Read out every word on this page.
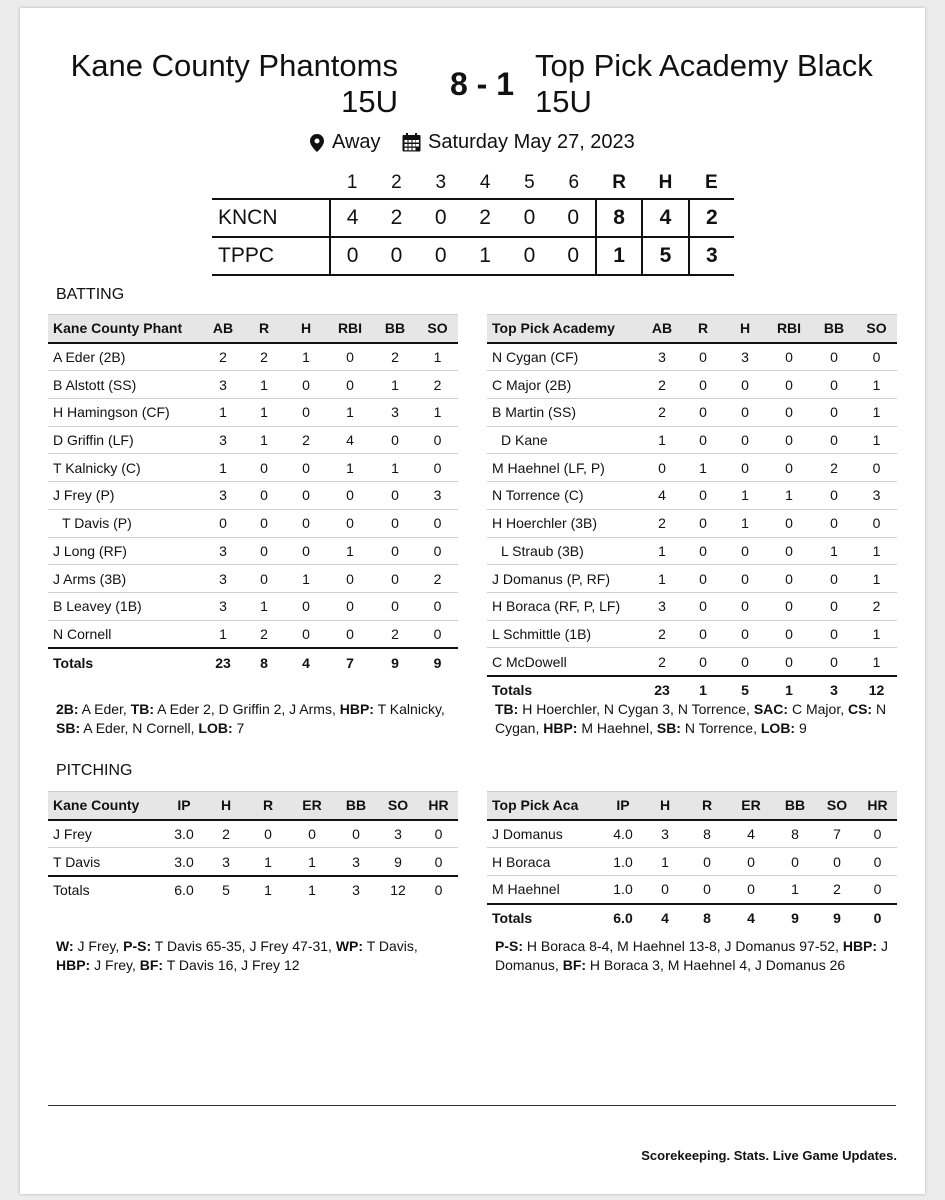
Kane County Phantoms 15U	8 - 1
Top Pick Academy Black 15U
Away Saturday May 27, 2023
	1	2	3	4	5	6	R	H	E
KNCN	4	2	0	2	0	0	8	4	2
TPPC	0	0	0	1	0	0	1	5	3
BATTING
Kane County Phant	AB	R	H	RBI	BB	SO
A Eder (2B)	2	2	1	0	2	1
B Alstott (SS)	3	1	0	0	1	2
H Hamingson (CF)	1	1	0	1	3	1
D Griffin (LF)	3	1	2	4	0	0
T Kalnicky (C)	1	0	0	1	1	0
J Frey (P)	3	0	0	0	0	3
T Davis (P)	0	0	0	0	0	0
J Long (RF)	3	0	0	1	0	0
J Arms (3B)	3	0	1	0	0	2
B Leavey (1B)	3	1	0	0	0	0
N Cornell	1	2	0	0	2	0
Totals	23	8	4	7	9	9
Top Pick Academy	AB	R	H	RBI	BB	SO
N Cygan (CF)	3	0	3	0	0	0
C Major (2B)	2	0	0	0	0	1
B Martin (SS)	2	0	0	0	0	1
D Kane	1	0	0	0	0	1
M Haehnel (LF, P)	0	1	0	0	2	0
N Torrence (C)	4	0	1	1	0	3
H Hoerchler (3B)	2	0	1	0	0	0
L Straub (3B)	1	0	0	0	1	1
J Domanus (P, RF)	1	0	0	0	0	1
H Boraca (RF, P, LF)	3	0	0	0	0	2
L Schmittle (1B)	2	0	0	0	0	1
C McDowell	2	0	0	0	0	1
Totals	23	1	5	1	3	12
2B: A Eder, TB: A Eder 2, D Griffin 2, J Arms, HBP: T Kalnicky, SB: A Eder, N Cornell, LOB: 7
TB: H Hoerchler, N Cygan 3, N Torrence, SAC: C Major, CS: N Cygan, HBP: M Haehnel, SB: N Torrence, LOB: 9
PITCHING
Kane County	IP	H	R	ER	BB	SO	HR
J Frey	3.0	2	0	0	0	3	0
T Davis	3.0	3	1	1	3	9	0
Totals	6.0	5	1	1	3	12	0
Top Pick Aca	IP	H	R	ER	BB	SO	HR
J Domanus	4.0	3	8	4	8	7	0
H Boraca	1.0	1	0	0	0	0	0
M Haehnel	1.0	0	0	0	1	2	0
Totals	6.0	4	8	4	9	9	0
W: J Frey, P-S: T Davis 65-35, J Frey 47-31, WP: T Davis, HBP: J Frey, BF: T Davis 16, J Frey 12
P-S: H Boraca 8-4, M Haehnel 13-8, J Domanus 97-52, HBP: J Domanus, BF: H Boraca 3, M Haehnel 4, J Domanus 26
Scorekeeping. Stats. Live Game Updates.
